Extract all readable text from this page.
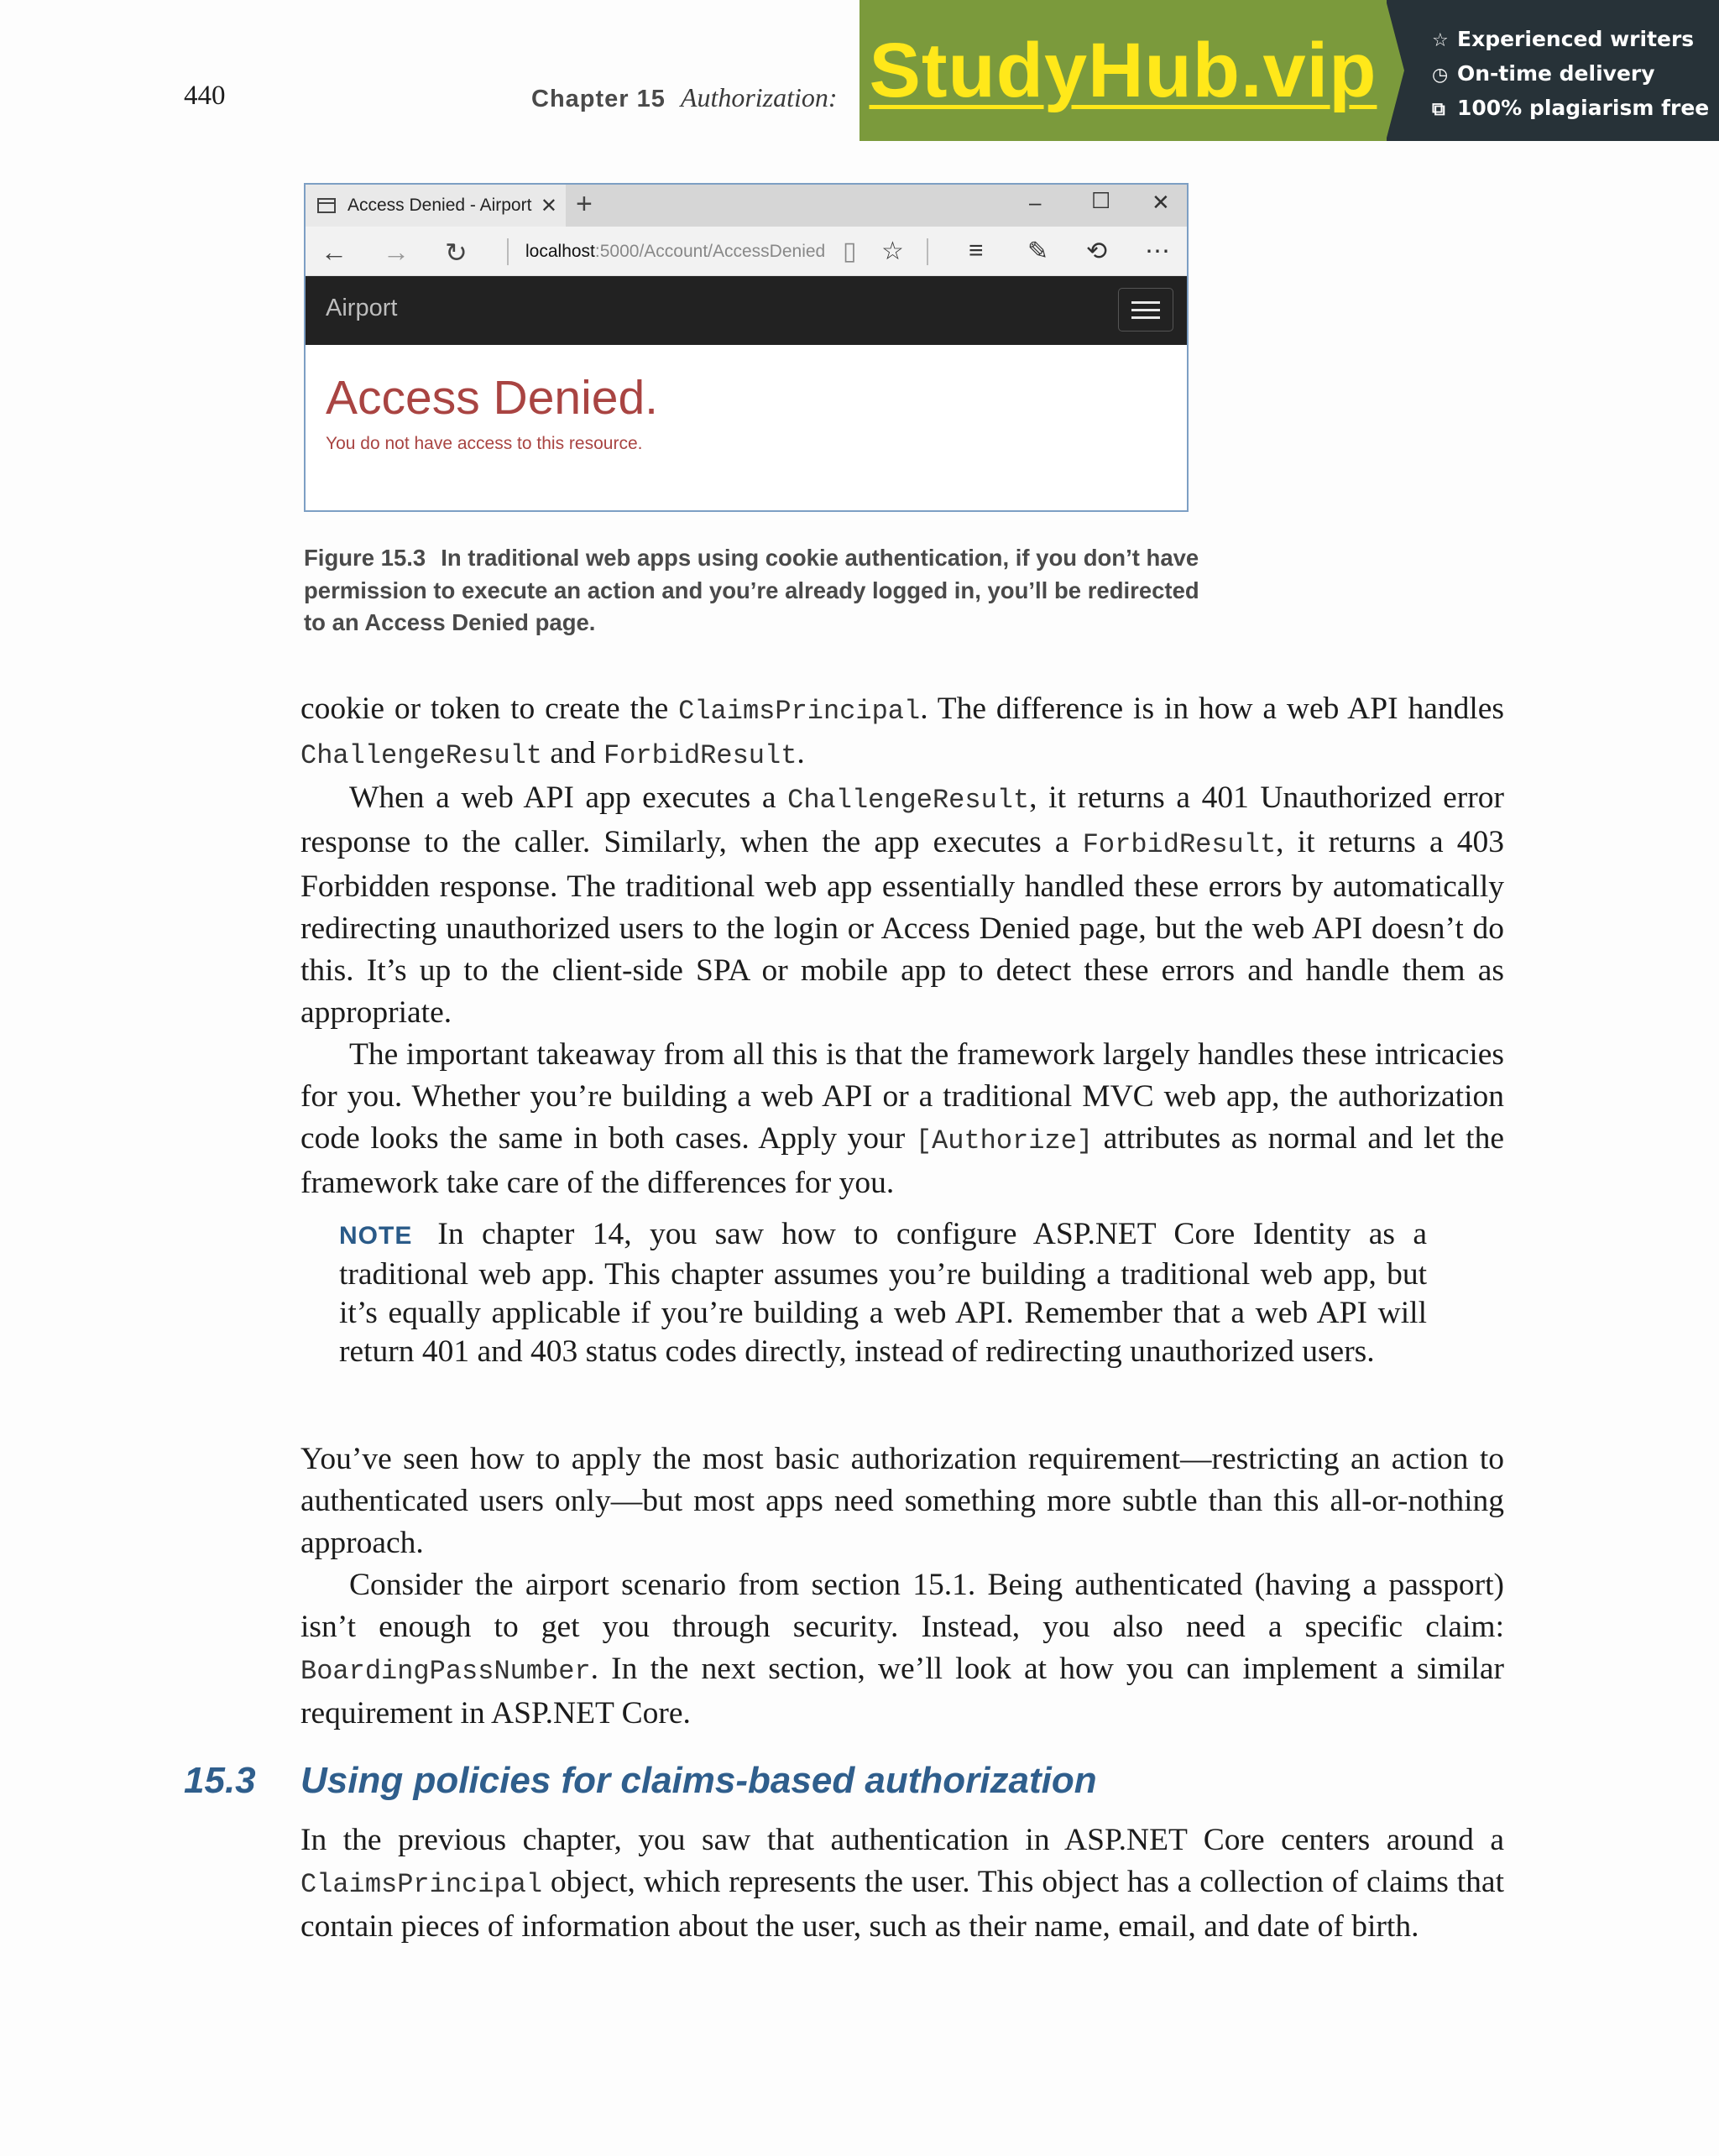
440	Chapter 15 Authorization: StudyHub.vip	☆ Experienced writers
◷ On-time delivery
⧉ 100% plagiarism free
Access Denied - Airport ✕ +	– ☐ ✕
← → ↻	localhost:5000/Account/AccessDenied ▯ ☆	≡ ✎ ⟲ ⋯
Airport
Access Denied.
You do not have access to this resource.
Figure 15.3 In traditional web apps using cookie authentication, if you don’t have permission to execute an action and you’re already logged in, you’ll be redirected to an Access Denied page.

cookie or token to create the ClaimsPrincipal. The difference is in how a web API handles ChallengeResult and ForbidResult.

When a web API app executes a ChallengeResult, it returns a 401 Unauthorized error response to the caller. Similarly, when the app executes a ForbidResult, it returns a 403 Forbidden response. The traditional web app essentially handled these errors by automatically redirecting unauthorized users to the login or Access Denied page, but the web API doesn’t do this. It’s up to the client-side SPA or mobile app to detect these errors and handle them as appropriate.

The important takeaway from all this is that the framework largely handles these intricacies for you. Whether you’re building a web API or a traditional MVC web app, the authorization code looks the same in both cases. Apply your [Authorize] attributes as normal and let the framework take care of the differences for you.

NOTE In chapter 14, you saw how to configure ASP.NET Core Identity as a traditional web app. This chapter assumes you’re building a traditional web app, but it’s equally applicable if you’re building a web API. Remember that a web API will return 401 and 403 status codes directly, instead of redirecting unauthorized users.

You’ve seen how to apply the most basic authorization requirement—restricting an action to authenticated users only—but most apps need something more subtle than this all-or-nothing approach.

Consider the airport scenario from section 15.1. Being authenticated (having a passport) isn’t enough to get you through security. Instead, you also need a specific claim: BoardingPassNumber. In the next section, we’ll look at how you can implement a similar requirement in ASP.NET Core.

15.3 Using policies for claims-based authorization

In the previous chapter, you saw that authentication in ASP.NET Core centers around a ClaimsPrincipal object, which represents the user. This object has a collection of claims that contain pieces of information about the user, such as their name, email, and date of birth.
